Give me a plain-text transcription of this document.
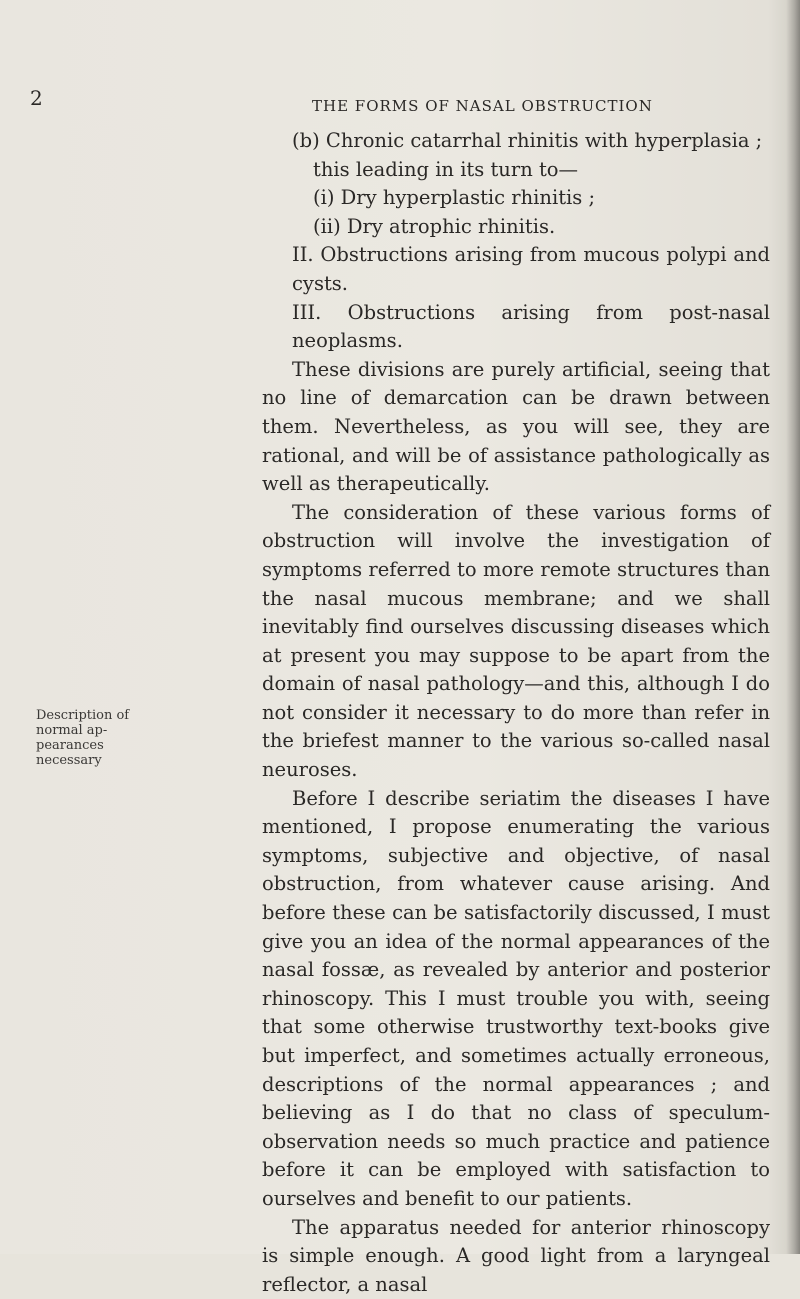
2	THE FORMS OF NASAL OBSTRUCTION

(b) Chronic catarrhal rhinitis with hyperplasia ;

this leading in its turn to—

(i) Dry hyperplastic rhinitis ;

(ii) Dry atrophic rhinitis.

II. Obstructions arising from mucous polypi and cysts.

III. Obstructions arising from post-nasal neoplasms.

These divisions are purely artificial, seeing that no line of demarcation can be drawn between them. Nevertheless, as you will see, they are rational, and will be of assistance pathologically as well as therapeutically.

The consideration of these various forms of obstruction will involve the investigation of symptoms referred to more remote structures than the nasal mucous membrane; and we shall inevitably find ourselves discussing diseases which at present you may suppose to be apart from the domain of nasal pathology—and this, although I do not consider it necessary to do more than refer in the briefest manner to the various so-called nasal neuroses.

Before I describe seriatim the diseases I have mentioned, I propose enumerating the various symptoms, subjective and objective, of nasal obstruction, from whatever cause arising. And before these can be satisfactorily discussed, I must give you an idea of the normal appearances of the nasal fossæ, as revealed by anterior and posterior rhinoscopy. This I must trouble you with, seeing that some otherwise trustworthy text-books give but imperfect, and sometimes actually erroneous, descriptions of the normal appearances ; and believing as I do that no class of speculum-observation needs so much practice and patience before it can be employed with satisfaction to ourselves and benefit to our patients.

The apparatus needed for anterior rhinoscopy is simple enough. A good light from a laryngeal reflector, a nasal

Description of
normal ap-
pearances
necessary
